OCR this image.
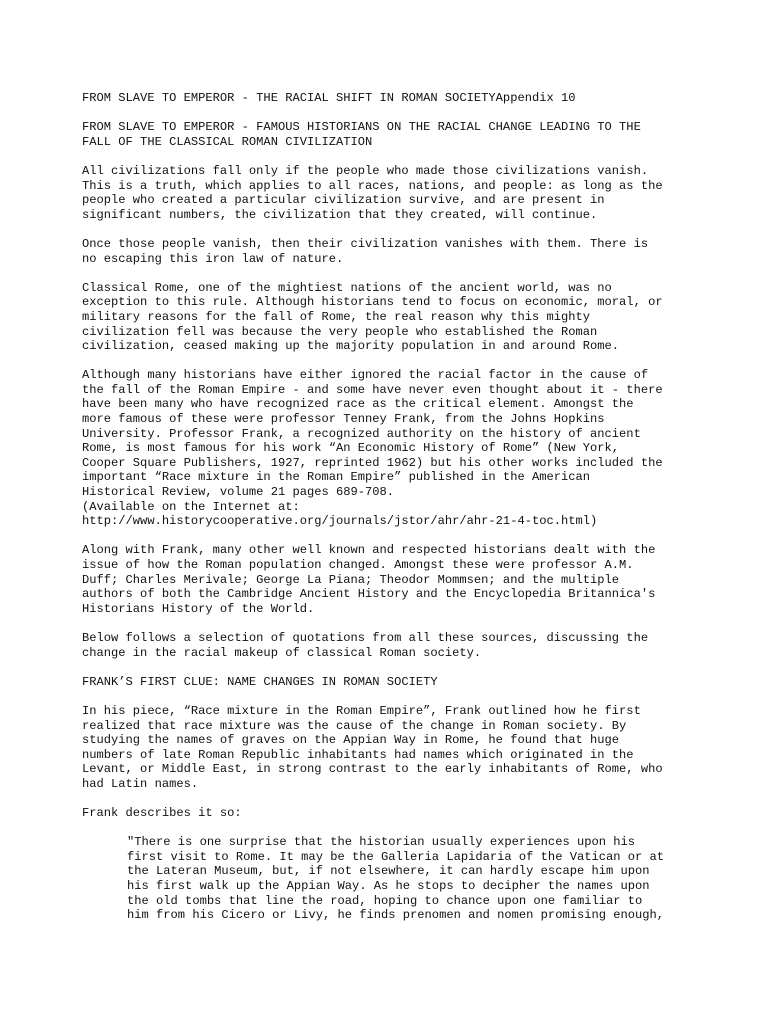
FROM SLAVE TO EMPEROR - THE RACIAL SHIFT IN ROMAN SOCIETYAppendix 10

FROM SLAVE TO EMPEROR - FAMOUS HISTORIANS ON THE RACIAL CHANGE LEADING TO THE
FALL OF THE CLASSICAL ROMAN CIVILIZATION

All civilizations fall only if the people who made those civilizations vanish.
This is a truth, which applies to all races, nations, and people: as long as the
people who created a particular civilization survive, and are present in
significant numbers, the civilization that they created, will continue.

Once those people vanish, then their civilization vanishes with them. There is
no escaping this iron law of nature.

Classical Rome, one of the mightiest nations of the ancient world, was no
exception to this rule. Although historians tend to focus on economic, moral, or
military reasons for the fall of Rome, the real reason why this mighty
civilization fell was because the very people who established the Roman
civilization, ceased making up the majority population in and around Rome.

Although many historians have either ignored the racial factor in the cause of
the fall of the Roman Empire - and some have never even thought about it - there
have been many who have recognized race as the critical element. Amongst the
more famous of these were professor Tenney Frank, from the Johns Hopkins
University. Professor Frank, a recognized authority on the history of ancient
Rome, is most famous for his work “An Economic History of Rome” (New York,
Cooper Square Publishers, 1927, reprinted 1962) but his other works included the
important “Race mixture in the Roman Empire” published in the American
Historical Review, volume 21 pages 689-708.
(Available on the Internet at:
http://www.historycooperative.org/journals/jstor/ahr/ahr-21-4-toc.html)

Along with Frank, many other well known and respected historians dealt with the
issue of how the Roman population changed. Amongst these were professor A.M.
Duff; Charles Merivale; George La Piana; Theodor Mommsen; and the multiple
authors of both the Cambridge Ancient History and the Encyclopedia Britannica's
Historians History of the World.

Below follows a selection of quotations from all these sources, discussing the
change in the racial makeup of classical Roman society.

FRANK’S FIRST CLUE: NAME CHANGES IN ROMAN SOCIETY

In his piece, “Race mixture in the Roman Empire”, Frank outlined how he first
realized that race mixture was the cause of the change in Roman society. By
studying the names of graves on the Appian Way in Rome, he found that huge
numbers of late Roman Republic inhabitants had names which originated in the
Levant, or Middle East, in strong contrast to the early inhabitants of Rome, who
had Latin names.

Frank describes it so:

"There is one surprise that the historian usually experiences upon his
first visit to Rome. It may be the Galleria Lapidaria of the Vatican or at
the Lateran Museum, but, if not elsewhere, it can hardly escape him upon
his first walk up the Appian Way. As he stops to decipher the names upon
the old tombs that line the road, hoping to chance upon one familiar to
him from his Cicero or Livy, he finds prenomen and nomen promising enough,
